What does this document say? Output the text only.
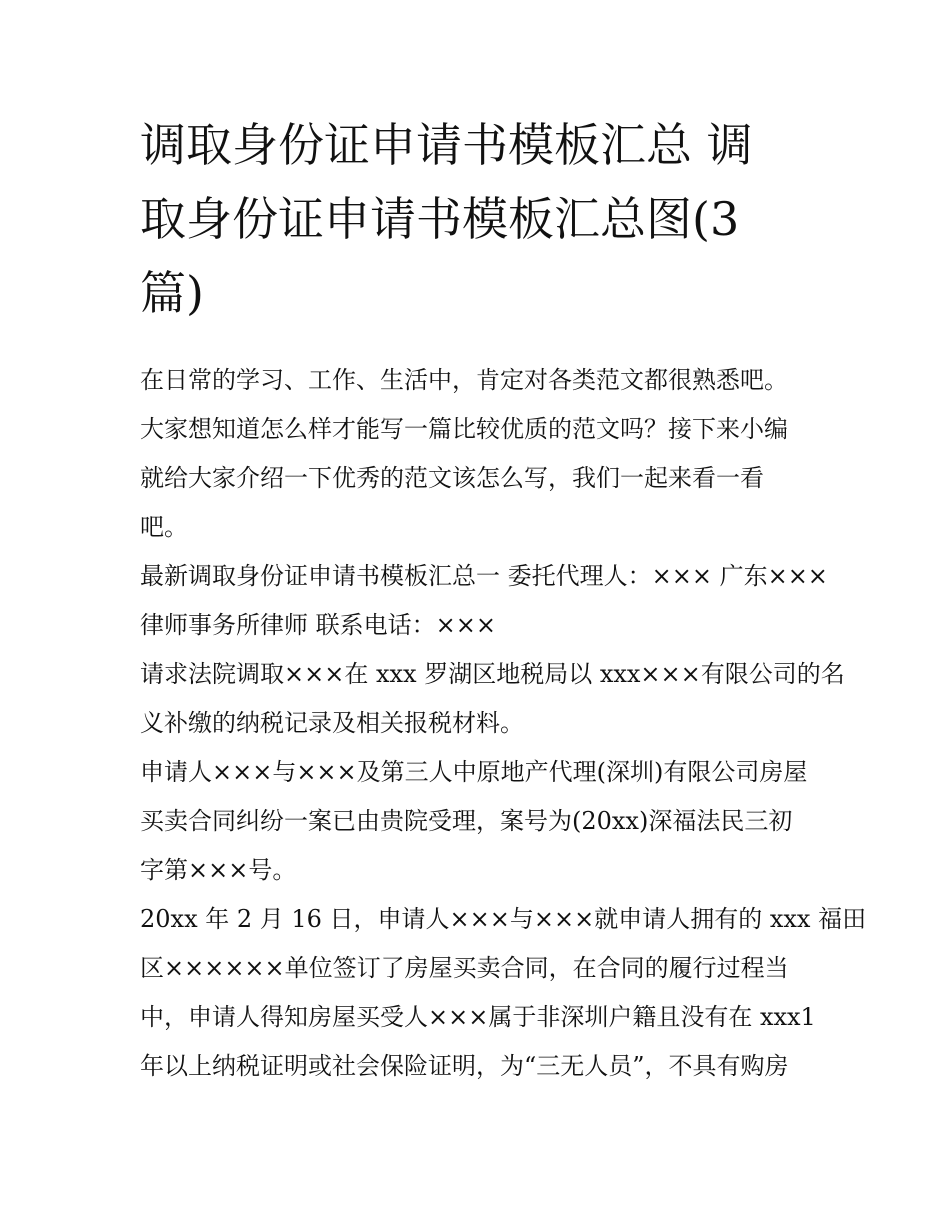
调取身份证申请书模板汇总 调
取身份证申请书模板汇总图(3
篇)
在日常的学习、工作、生活中，肯定对各类范文都很熟悉吧。
大家想知道怎么样才能写一篇比较优质的范文吗？接下来小编
就给大家介绍一下优秀的范文该怎么写，我们一起来看一看
吧。
最新调取身份证申请书模板汇总一 委托代理人：××× 广东×××
律师事务所律师 联系电话：×××
请求法院调取×××在 xxx 罗湖区地税局以 xxx×××有限公司的名
义补缴的纳税记录及相关报税材料。
申请人×××与×××及第三人中原地产代理(深圳)有限公司房屋
买卖合同纠纷一案已由贵院受理，案号为(20xx)深福法民三初
字第×××号。
20xx 年 2 月 16 日，申请人×××与×××就申请人拥有的 xxx 福田
区××××××单位签订了房屋买卖合同，在合同的履行过程当
中，申请人得知房屋买受人×××属于非深圳户籍且没有在 xxx1
年以上纳税证明或社会保险证明，为“三无人员”，不具有购房
